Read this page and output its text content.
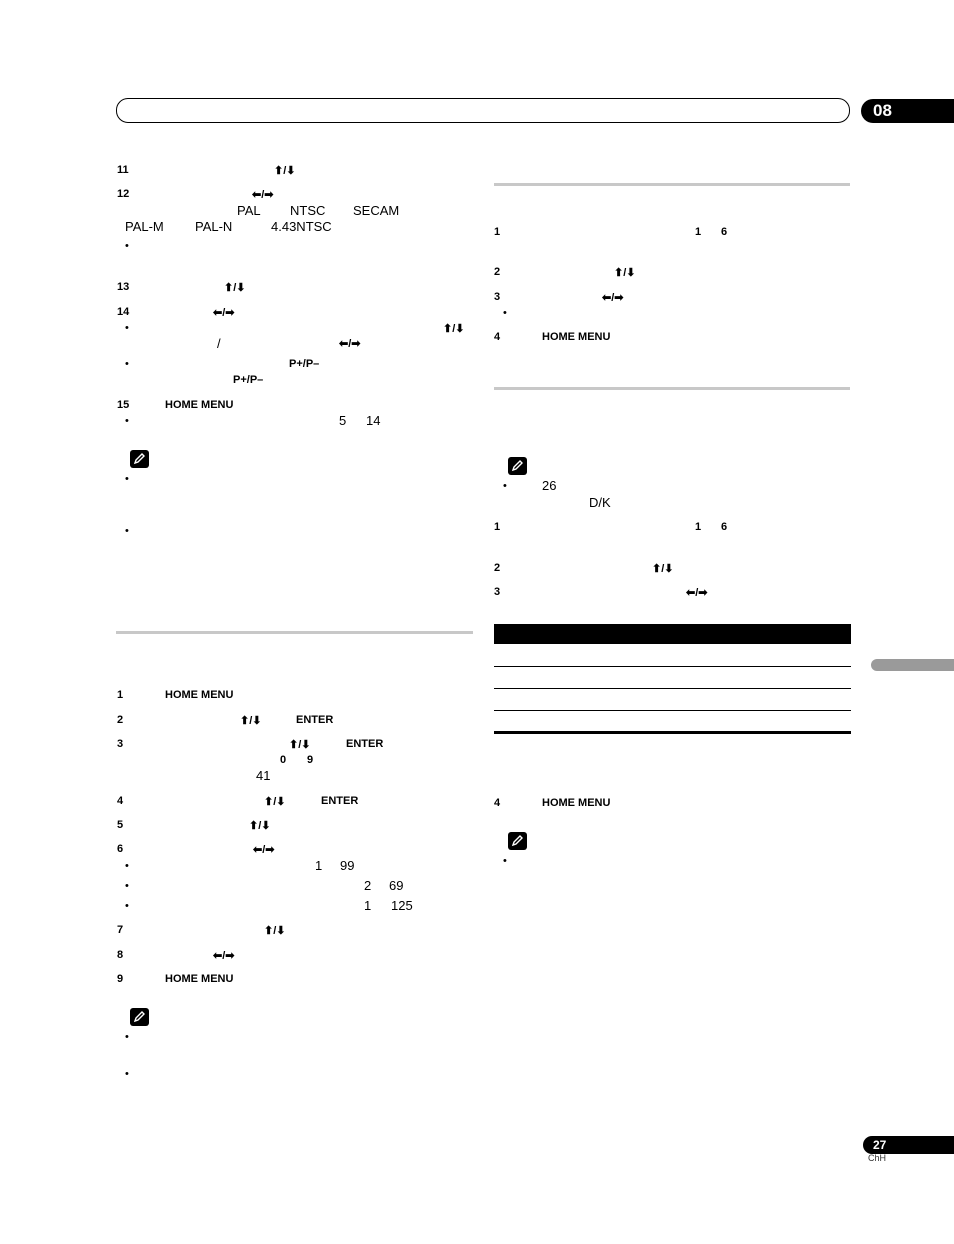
08
27
ChH
11	⬆/⬇
12	⬅/➡
PAL NTSC SECAM
PAL-M PAL-N	4.43NTSC
•
13	⬆/⬇
14	⬅/➡
•	⬆/⬇
/	⬅/➡
•	P+/P–
P+/P–
15	HOME MENU
•	5 14
•
•
1	HOME MENU
2	⬆/⬇	ENTER
3	⬆/⬇	ENTER
0 9
41
4	⬆/⬇	ENTER
5	⬆/⬇
6	⬅/➡
•	1 99
•	2 69
•	1 125
7	⬆/⬇
8	⬅/➡
9	HOME MENU
•
•
1	1 6
2	⬆/⬇
3	⬅/➡
•
4	HOME MENU
•	26
D/K
1	1 6
2	⬆/⬇
3	⬅/➡
4	HOME MENU
•
